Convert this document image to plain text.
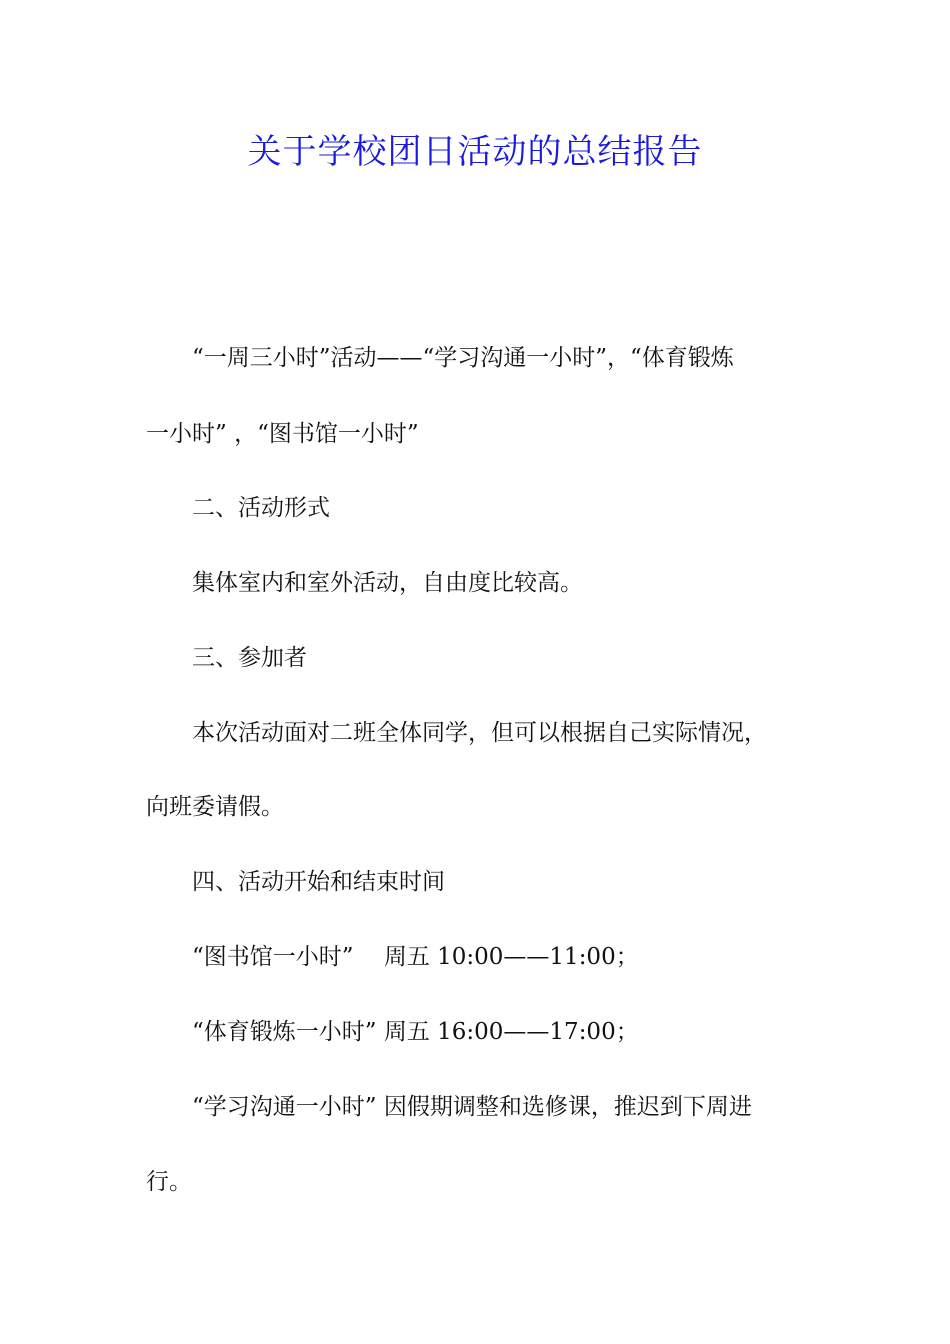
关于学校团日活动的总结报告

“一周三小时”活动——“学习沟通一小时”，“体育锻炼

一小时” ，“图书馆一小时”

二、活动形式

集体室内和室外活动，自由度比较高。

三、参加者

本次活动面对二班全体同学，但可以根据自己实际情况，

向班委请假。

四、活动开始和结束时间

“图书馆一小时”　 周五 10:00——11:00；

“体育锻炼一小时” 周五 16:00——17:00；

“学习沟通一小时” 因假期调整和选修课，推迟到下周进

行。
